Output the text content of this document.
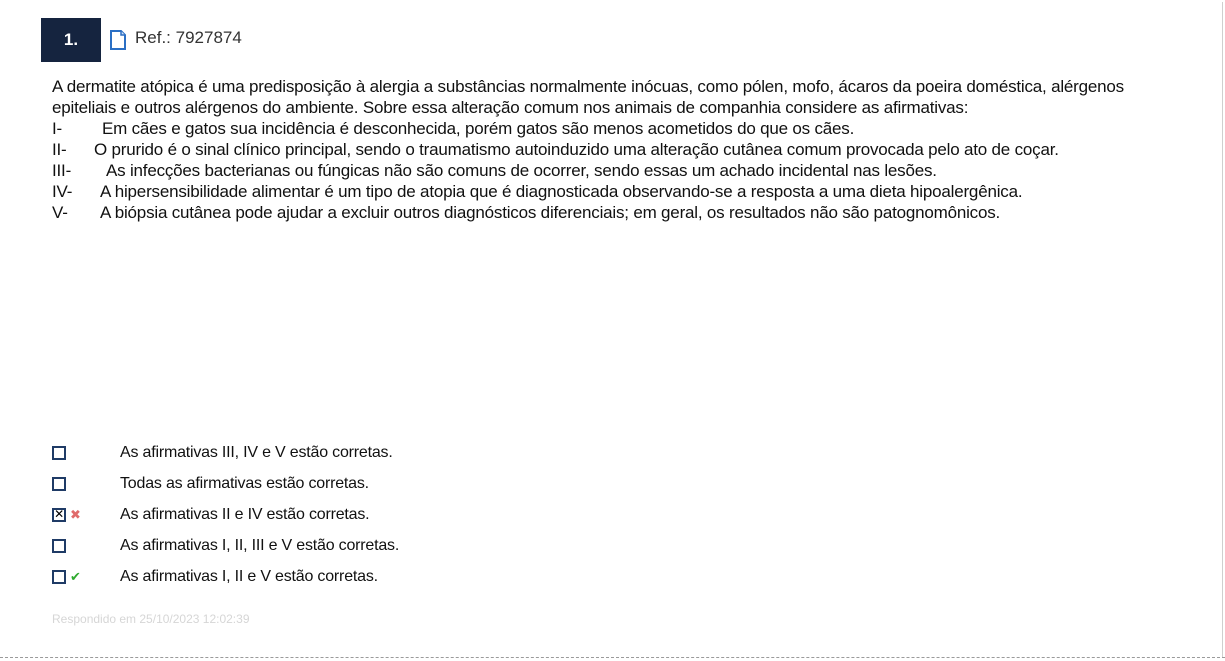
1.	Ref.: 7927874

A dermatite atópica é uma predisposição à alergia a substâncias normalmente inócuas, como pólen, mofo, ácaros da poeira doméstica, alérgenos epiteliais e outros alérgenos do ambiente. Sobre essa alteração comum nos animais de companhia considere as afirmativas:

I- Em cães e gatos sua incidência é desconhecida, porém gatos são menos acometidos do que os cães.

II- O prurido é o sinal clínico principal, sendo o traumatismo autoinduzido uma alteração cutânea comum provocada pelo ato de coçar.

III- As infecções bacterianas ou fúngicas não são comuns de ocorrer, sendo essas um achado incidental nas lesões.

IV- A hipersensibilidade alimentar é um tipo de atopia que é diagnosticada observando-se a resposta a uma dieta hipoalergênica.

V- A biópsia cutânea pode ajudar a excluir outros diagnósticos diferenciais; em geral, os resultados não são patognomônicos.

As afirmativas III, IV e V estão corretas.
Todas as afirmativas estão corretas.
✕
✖	As afirmativas II e IV estão corretas.
As afirmativas I, II, III e V estão corretas.
✔	As afirmativas I, II e V estão corretas.
Respondido em 25/10/2023 12:02:39
